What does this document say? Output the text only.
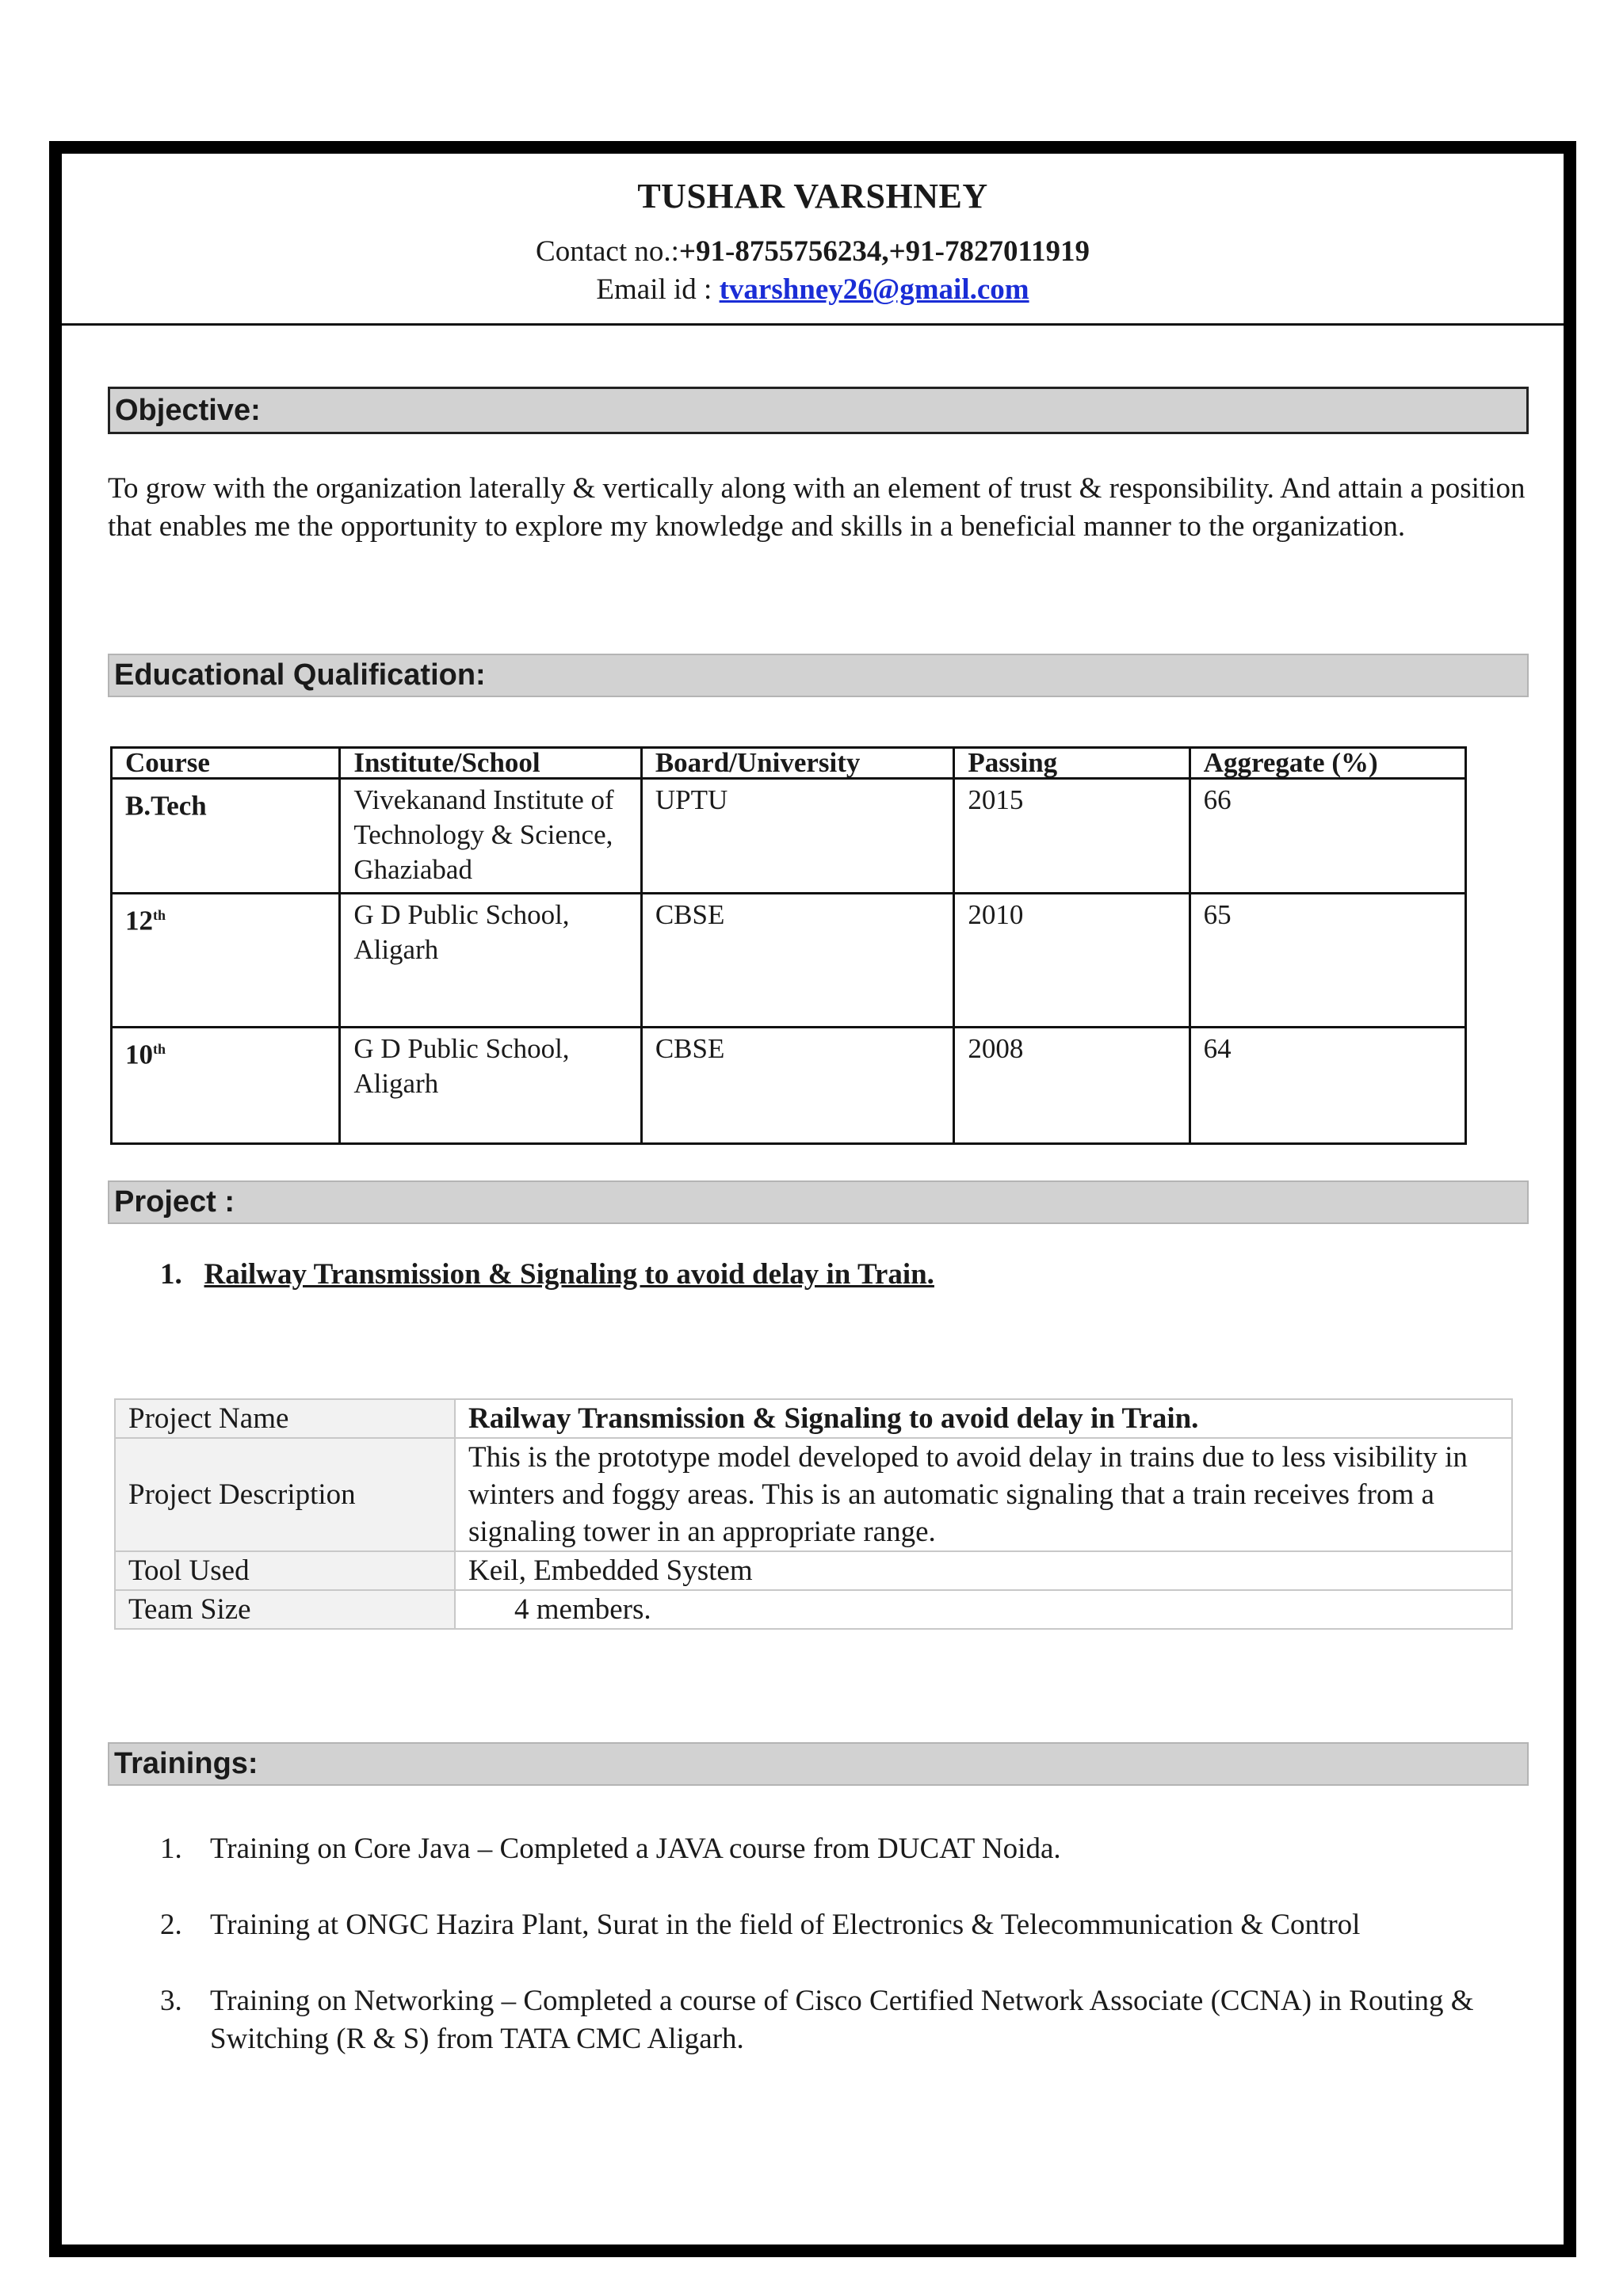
TUSHAR VARSHNEY
Contact no.:+91-8755756234,+91-7827011919
Email id : tvarshney26@gmail.com
Objective:
To grow with the organization laterally & vertically along with an element of trust & responsibility. And attain a position that enables me the opportunity to explore my knowledge and skills in a beneficial manner to the organization.
Educational Qualification:
Course	Institute/School	Board/University	Passing	Aggregate (%)
B.Tech	Vivekanand Institute of Technology & Science, Ghaziabad	UPTU	2015	66
12th	G D Public School, Aligarh	CBSE	2010	65
10th	G D Public School, Aligarh	CBSE	2008	64
Project :
1. Railway Transmission & Signaling to avoid delay in Train.
Project Name	Railway Transmission & Signaling to avoid delay in Train.
Project Description	This is the prototype model developed to avoid delay in trains due to less visibility in winters and foggy areas. This is an automatic signaling that a train receives from a signaling tower in an appropriate range.
Tool Used	Keil, Embedded System
Team Size	4 members.
Trainings:
1. Training on Core Java – Completed a JAVA course from DUCAT Noida.
2. Training at ONGC Hazira Plant, Surat in the field of Electronics & Telecommunication & Control
3. Training on Networking – Completed a course of Cisco Certified Network Associate (CCNA) in Routing & Switching (R & S) from TATA CMC Aligarh.
